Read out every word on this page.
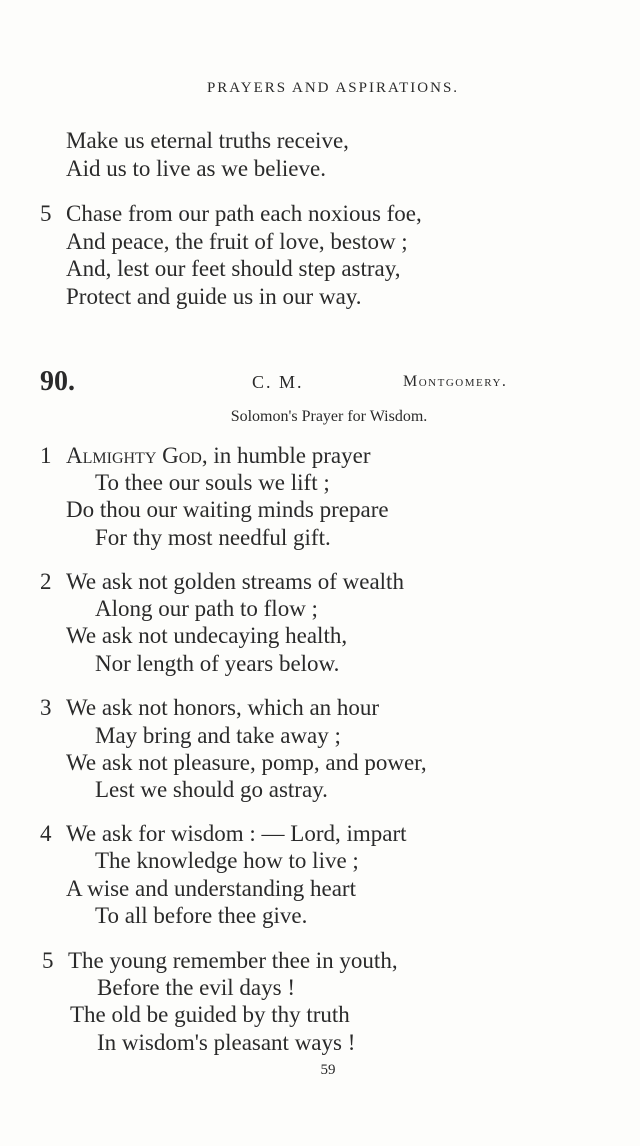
PRAYERS AND ASPIRATIONS.
Make us eternal truths receive,
Aid us to live as we believe.
5 Chase from our path each noxious foe,
And peace, the fruit of love, bestow ;
And, lest our feet should step astray,
Protect and guide us in our way.
90.	C. M.	Montgomery.
Solomon's Prayer for Wisdom.
1 Almighty God, in humble prayer
To thee our souls we lift ;
Do thou our waiting minds prepare
For thy most needful gift.
2 We ask not golden streams of wealth
Along our path to flow ;
We ask not undecaying health,
Nor length of years below.
3 We ask not honors, which an hour
May bring and take away ;
We ask not pleasure, pomp, and power,
Lest we should go astray.
4 We ask for wisdom : — Lord, impart
The knowledge how to live ;
A wise and understanding heart
To all before thee give.
5 The young remember thee in youth,
Before the evil days !
The old be guided by thy truth
In wisdom's pleasant ways !
59
